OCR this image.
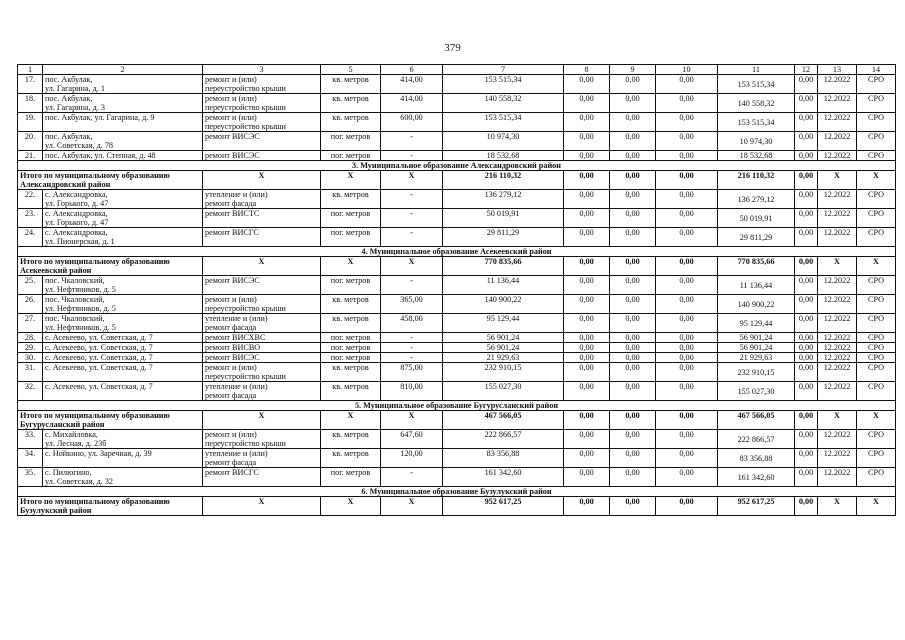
379
1	2	3	5	6	7	8	9	10	11	12	13	14
17.	пос. Акбулак,
ул. Гагарина, д. 1	ремонт и (или)
переустройство крыши	кв. метров	414,00	153 515,34	0,00	0,00	0,00	153 515,34	0,00	12.2022	СРО
18.	пос. Акбулак,
ул. Гагарина, д. 3	ремонт и (или)
переустройство крыши	кв. метров	414,00	140 558,32	0,00	0,00	0,00	140 558,32	0,00	12.2022	СРО
19.	пос. Акбулак, ул. Гагарина, д. 9	ремонт и (или)
переустройство крыши	кв. метров	600,00	153 515,34	0,00	0,00	0,00	153 515,34	0,00	12.2022	СРО
20.	пос. Акбулак,
ул. Советская, д. 78	ремонт ВИСЭС	пог. метров	-	10 974,30	0,00	0,00	0,00	10 974,30	0,00	12.2022	СРО
21.	пос. Акбулак, ул. Степная, д. 48	ремонт ВИСЭС	пог. метров	-	18 532,68	0,00	0,00	0,00	18 532,68	0,00	12.2022	СРО
3. Муниципальное образование Александровский район												
Итого по муниципальному образованию Александровский район		X	X	X	216 110,32	0,00	0,00	0,00	216 110,32	0,00	X	X
22.	с. Александровка,
ул. Горького, д. 47	утепление и (или)
ремонт фасада	кв. метров	-	136 279,12	0,00	0,00	0,00	136 279,12	0,00	12.2022	СРО
23.	с. Александровка,
ул. Горького, д. 47	ремонт ВИСТС	пог. метров	-	50 019,91	0,00	0,00	0,00	50 019,91	0,00	12.2022	СРО
24.	с. Александровка,
ул. Пионерская, д. 1	ремонт ВИСГС	пог. метров	-	29 811,29	0,00	0,00	0,00	29 811,29	0,00	12.2022	СРО
4. Муниципальное образование Асекеевский район												
Итого по муниципальному образованию Асекеевский район		X	X	X	770 835,66	0,00	0,00	0,00	770 835,66	0,00	X	X
25.	пос. Чкаловский,
ул. Нефтяников, д. 5	ремонт ВИСЭС	пог. метров	-	11 136,44	0,00	0,00	0,00	11 136,44	0,00	12.2022	СРО
26.	пос. Чкаловский,
ул. Нефтяников, д. 5	ремонт и (или)
переустройство крыши	кв. метров	365,00	140 900,22	0,00	0,00	0,00	140 900,22	0,00	12.2022	СРО
27.	пос. Чкаловский,
ул. Нефтяников, д. 5	утепление и (или)
ремонт фасада	кв. метров	458,00	95 129,44	0,00	0,00	0,00	95 129,44	0,00	12.2022	СРО
28.	с. Асекеево, ул. Советская, д. 7	ремонт ВИСХВС	пог. метров	-	56 901,24	0,00	0,00	0,00	56 901,24	0,00	12.2022	СРО
29.	с. Асекеево, ул. Советская, д. 7	ремонт ВИСВО	пог. метров	-	56 901,24	0,00	0,00	0,00	56 901,24	0,00	12.2022	СРО
30.	с. Асекеево, ул. Советская, д. 7	ремонт ВИСЭС	пог. метров	-	21 929,63	0,00	0,00	0,00	21 929,63	0,00	12.2022	СРО
31.	с. Асекеево, ул. Советская, д. 7	ремонт и (или)
переустройство крыши	кв. метров	875,00	232 910,15	0,00	0,00	0,00	232 910,15	0,00	12.2022	СРО
32.	с. Асекеево, ул. Советская, д. 7	утепление и (или)
ремонт фасада	кв. метров	810,00	155 027,30	0,00	0,00	0,00	155 027,30	0,00	12.2022	СРО
5. Муниципальное образование Бугурусланский район												
Итого по муниципальному образованию Бугурусланский район		X	X	X	467 566,05	0,00	0,00	0,00	467 566,05	0,00	X	X
33.	с. Михайловка,
ул. Лесная, д. 23б	ремонт и (или)
переустройство крыши	кв. метров	647,60	222 866,57	0,00	0,00	0,00	222 866,57	0,00	12.2022	СРО
34.	с. Нойкино, ул. Заречная, д. 39	утепление и (или)
ремонт фасада	кв. метров	120,00	83 356,88	0,00	0,00	0,00	83 356,88	0,00	12.2022	СРО
35.	с. Пилюгино,
ул. Советская, д. 32	ремонт ВИСГС	пог. метров	-	161 342,60	0,00	0,00	0,00	161 342,60	0,00	12.2022	СРО
6. Муниципальное образование Бузулукский район												
Итого по муниципальному образованию Бузулукский район		X	X	X	952 617,25	0,00	0,00	0,00	952 617,25	0,00	X	X
